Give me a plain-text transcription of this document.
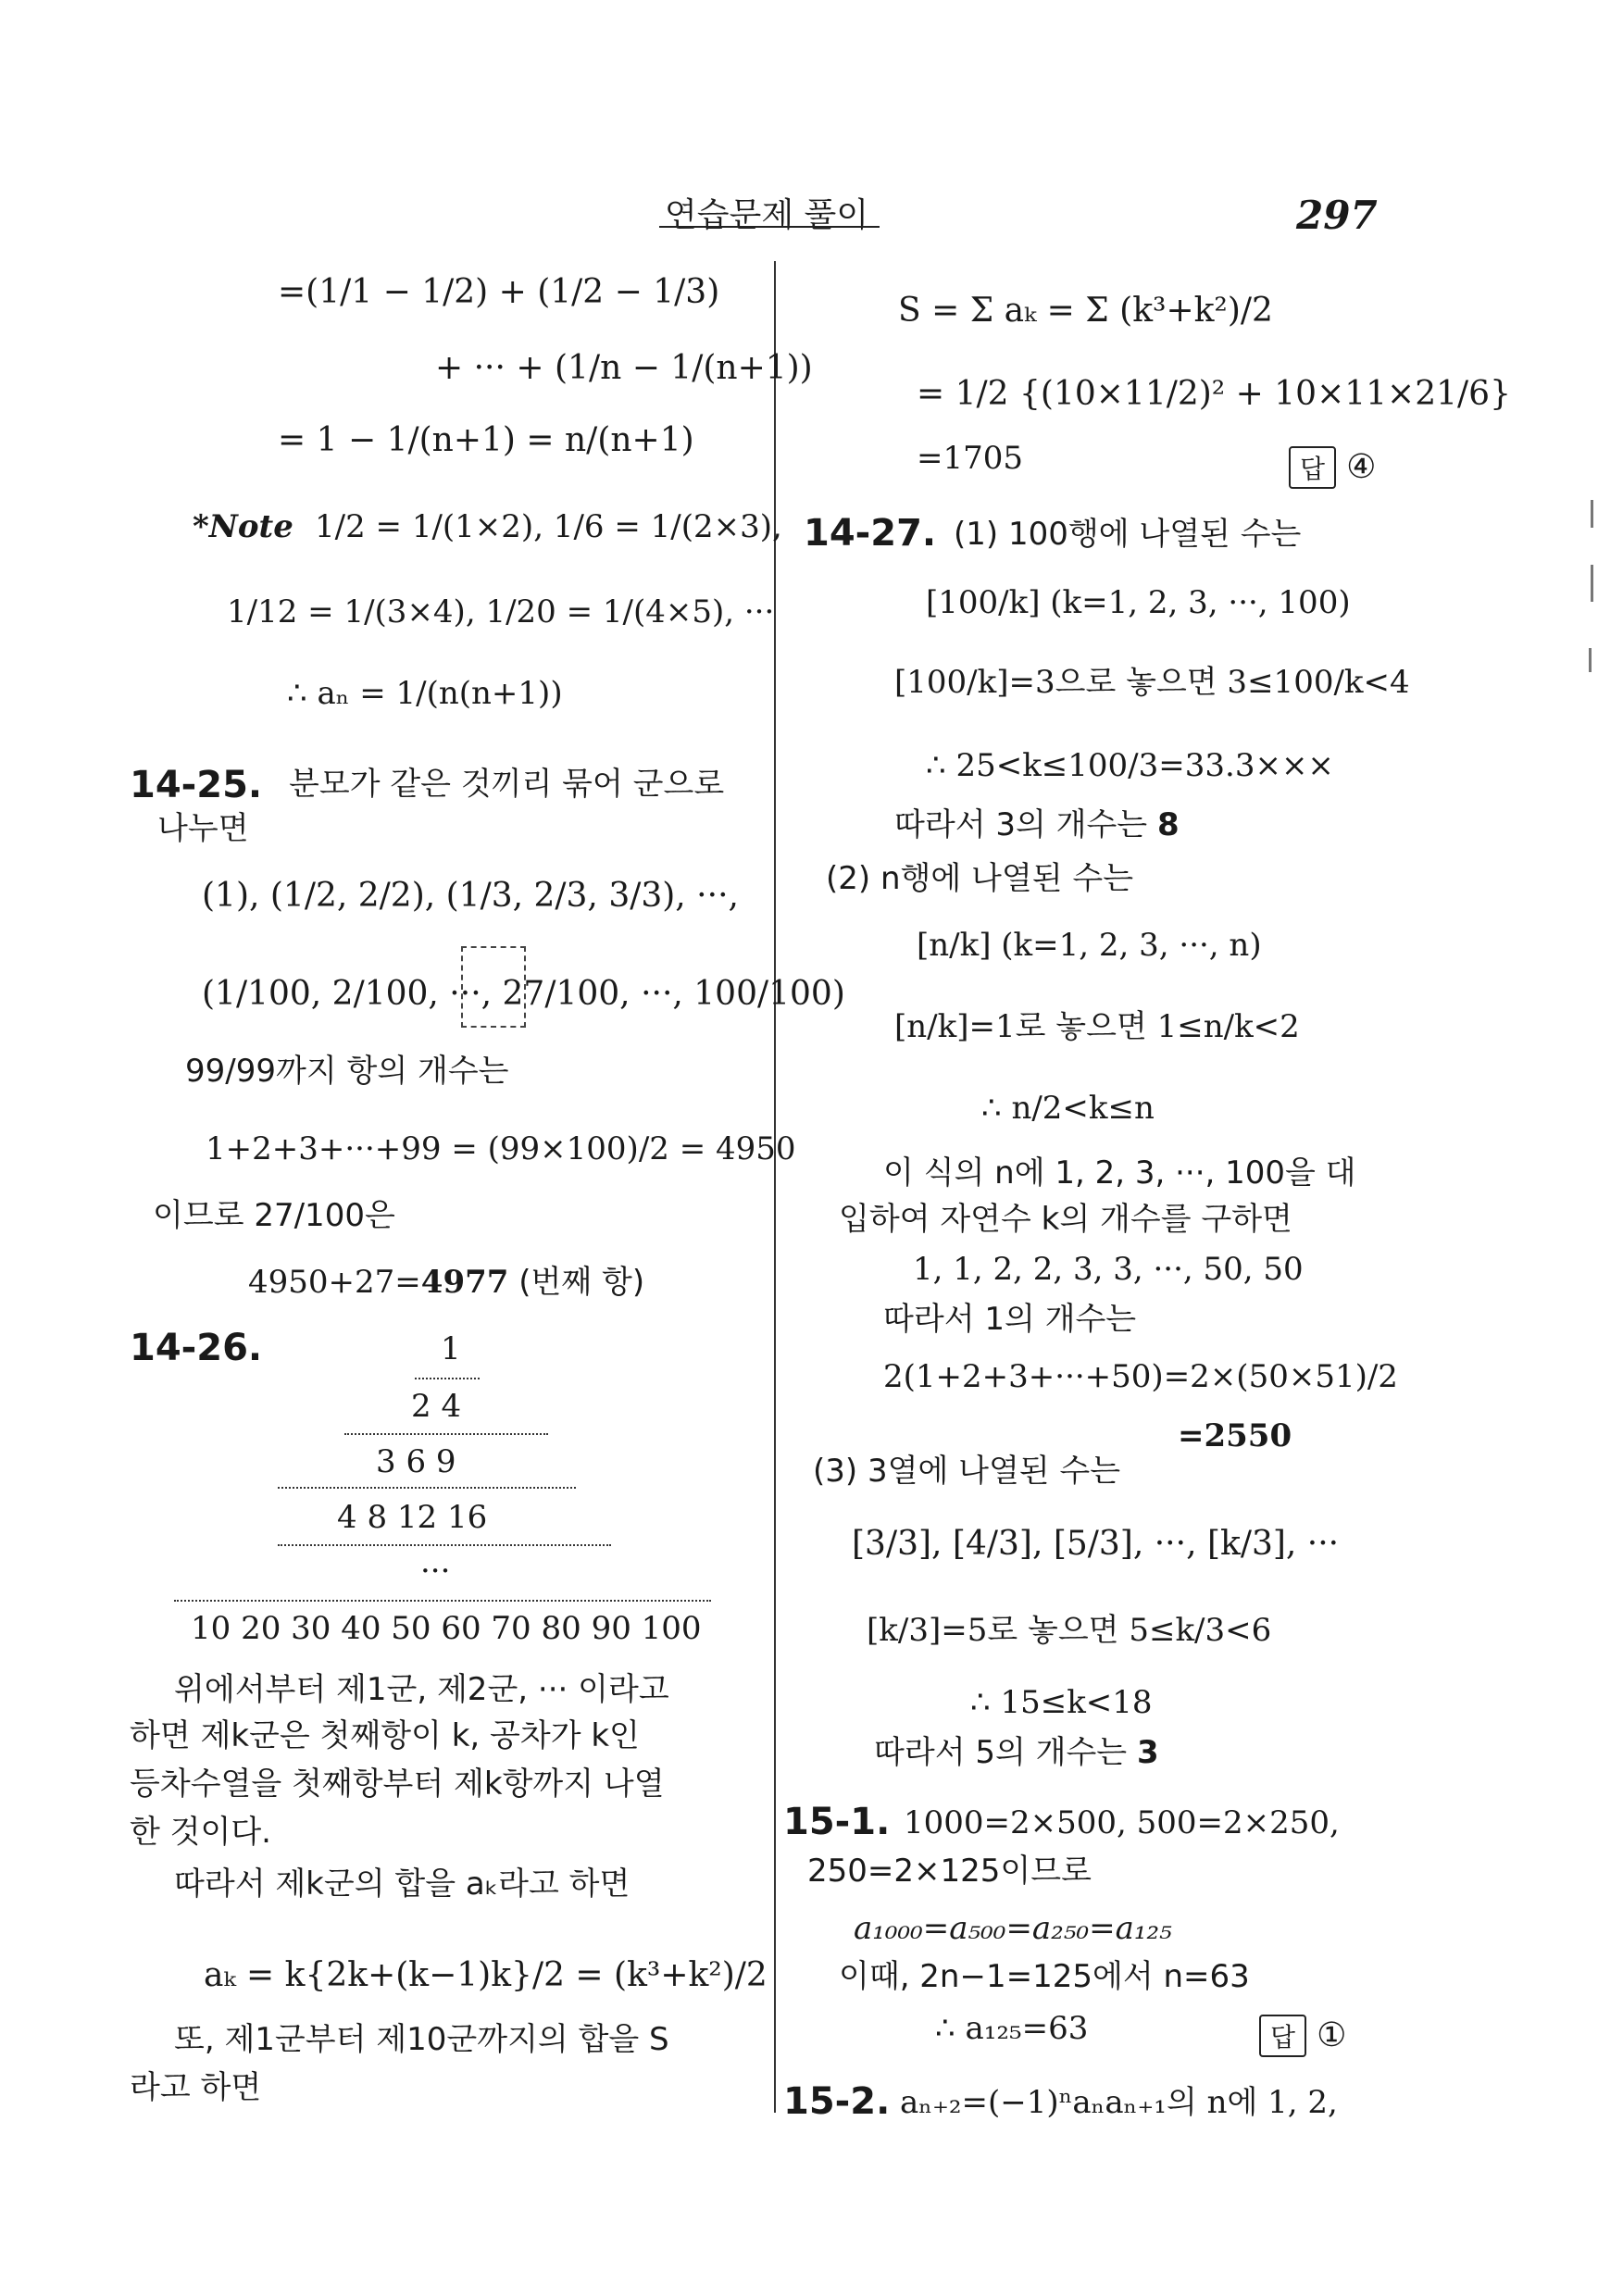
연습문제 풀이	297
=(1/1 − 1/2) + (1/2 − 1/3)
+ ··· + (1/n − 1/(n+1))
= 1 − 1/(n+1) = n/(n+1)
*Note 1/2 = 1/(1×2), 1/6 = 1/(2×3),
1/12 = 1/(3×4), 1/20 = 1/(4×5), ···
∴ aₙ = 1/(n(n+1))
14-25. 분모가 같은 것끼리 묶어 군으로
나누면
(1), (1/2, 2/2), (1/3, 2/3, 3/3), ···,
(1/100, 2/100, ···, 27/100, ···, 100/100)
99/99까지 항의 개수는
1+2+3+···+99 = (99×100)/2 = 4950
이므로 27/100은
4950+27=4977 (번째 항)
14-26.	1
2 4
3 6 9
4 8 12 16
···
10 20 30 40 50 60 70 80 90 100
위에서부터 제1군, 제2군, ··· 이라고
하면 제k군은 첫째항이 k, 공차가 k인
등차수열을 첫째항부터 제k항까지 나열
한 것이다.
따라서 제k군의 합을 aₖ라고 하면
aₖ = k{2k+(k−1)k}/2 = (k³+k²)/2
또, 제1군부터 제10군까지의 합을 S
라고 하면
S = Σ aₖ = Σ (k³+k²)/2
= 1/2 {(10×11/2)² + 10×11×21/6}
=1705	답 ④
14-27. (1) 100행에 나열된 수는
[100/k] (k=1, 2, 3, ···, 100)
[100/k]=3으로 놓으면 3≤100/k<4
∴ 25<k≤100/3=33.3×××
따라서 3의 개수는 8
(2) n행에 나열된 수는
[n/k] (k=1, 2, 3, ···, n)
[n/k]=1로 놓으면 1≤n/k<2
∴ n/2<k≤n
이 식의 n에 1, 2, 3, ···, 100을 대
입하여 자연수 k의 개수를 구하면
1, 1, 2, 2, 3, 3, ···, 50, 50
따라서 1의 개수는
2(1+2+3+···+50)=2×(50×51)/2
=2550
(3) 3열에 나열된 수는
[3/3], [4/3], [5/3], ···, [k/3], ···
[k/3]=5로 놓으면 5≤k/3<6
∴ 15≤k<18
따라서 5의 개수는 3
15-1. 1000=2×500, 500=2×250,
250=2×125이므로
a₁₀₀₀=a₅₀₀=a₂₅₀=a₁₂₅
이때, 2n−1=125에서 n=63
∴ a₁₂₅=63	답 ①
15-2. aₙ₊₂=(−1)ⁿaₙaₙ₊₁의 n에 1, 2,
